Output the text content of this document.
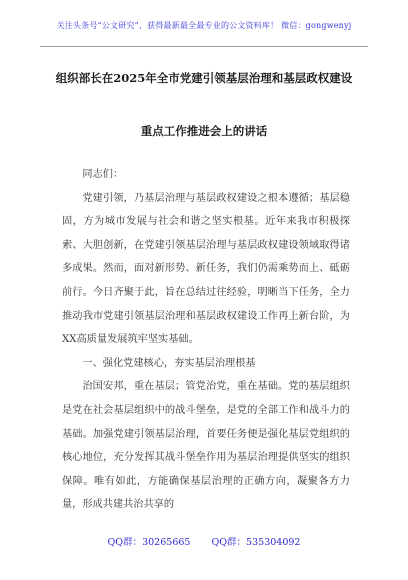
关注头条号“公文研究”，获得最新最全最专业的公文资料库！ 微信：gongwenyj
组织部长在2025年全市党建引领基层治理和基层政权建设
重点工作推进会上的讲话

同志们：

党建引领，乃基层治理与基层政权建设之根本遵循；基层稳固，方为城市发展与社会和谐之坚实根基。近年来我市积极探索、大胆创新，在党建引领基层治理与基层政权建设领域取得诸多成果。然而，面对新形势、新任务，我们仍需乘势而上、砥砺前行。今日齐聚于此，旨在总结过往经验，明晰当下任务，全力推动我市党建引领基层治理和基层政权建设工作再上新台阶，为XX高质量发展筑牢坚实基础。

一、强化党建核心，夯实基层治理根基

治国安邦，重在基层；管党治党，重在基础。党的基层组织是党在社会基层组织中的战斗堡垒，是党的全部工作和战斗力的基础。加强党建引领基层治理，首要任务便是强化基层党组织的核心地位，充分发挥其战斗堡垒作用为基层治理提供坚实的组织保障。唯有如此，方能确保基层治理的正确方向，凝聚各方力量，形成共建共治共享的

QQ群：30265665 QQ群：535304092
